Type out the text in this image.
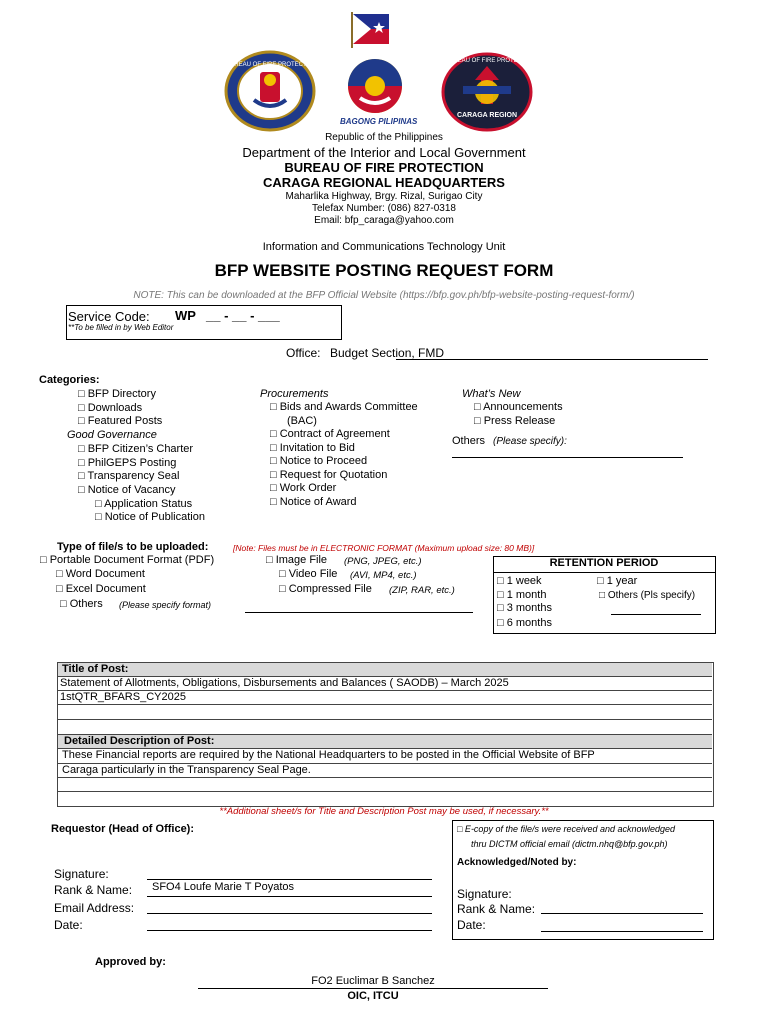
BUREAU OF FIRE PROTECTION
BAGONG PILIPINAS
BUREAU OF FIRE PROTECTION
CARAGA REGION
Republic of the Philippines
Department of the Interior and Local Government
BUREAU OF FIRE PROTECTION
CARAGA REGIONAL HEADQUARTERS
Maharlika Highway, Brgy. Rizal, Surigao City
Telefax Number: (086) 827-0318
Email: bfp_caraga@yahoo.com
Information and Communications Technology Unit
BFP WEBSITE POSTING REQUEST FORM
NOTE: This can be downloaded at the BFP Official Website (https://bfp.gov.ph/bfp-website-posting-request-form/)
Service Code: WP __ - __ - ___
**To be filled in by Web Editor
Office: Budget Section, FMD
Categories:
□ BFP Directory
□ Downloads
□ Featured Posts
Good Governance
□ BFP Citizen’s Charter
□ PhilGEPS Posting
□ Transparency Seal
□ Notice of Vacancy
□ Application Status
□ Notice of Publication
Procurements
□ Bids and Awards Committee
(BAC)
□ Contract of Agreement
□ Invitation to Bid
□ Notice to Proceed
□ Request for Quotation
□ Work Order
□ Notice of Award
What’s New
□ Announcements
□ Press Release
Others (Please specify):
Type of file/s to be uploaded:	[Note: Files must be in ELECTRONIC FORMAT (Maximum upload size: 80 MB)]
□ Portable Document Format (PDF)
□ Word Document
□ Excel Document
□ Others (Please specify format)
□ Image File (PNG, JPEG, etc.)
□ Video File (AVI, MP4, etc.)
□ Compressed File (ZIP, RAR, etc.)
RETENTION PERIOD
□ 1 week
□ 1 month
□ 3 months
□ 6 months
□ 1 year
□ Others (Pls specify)
Title of Post:
Statement of Allotments, Obligations, Disbursements and Balances ( SAODB) – March 2025
1stQTR_BFARS_CY2025
Detailed Description of Post:
These Financial reports are required by the National Headquarters to be posted in the Official Website of BFP
Caraga particularly in the Transparency Seal Page.
**Additional sheet/s for Title and Description Post may be used, if necessary.**
Requestor (Head of Office):
Signature:
Rank & Name: SFO4 Loufe Marie T Poyatos
Email Address:
Date:
□ E-copy of the file/s were received and acknowledged
thru DICTM official email (dictm.nhq@bfp.gov.ph)
Acknowledged/Noted by:
Signature:
Rank & Name:
Date:
Approved by:
FO2 Euclimar B Sanchez
OIC, ITCU
